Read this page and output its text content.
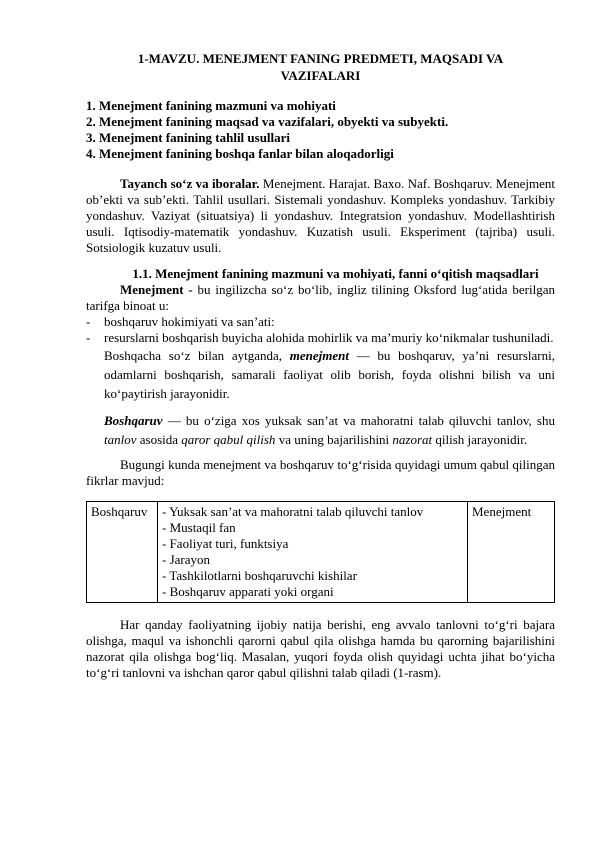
1-MAVZU. MENEJMENT FANING PREDMETI, MAQSADI VA VAZIFALARI
1. Menejment fanining mazmuni va mohiyati
2. Menejment fanining maqsad va vazifalari, obyekti va subyekti.
3. Menejment fanining tahlil usullari
4. Menejment fanining boshqa fanlar bilan aloqadorligi

Tayanch so‘z va iboralar. Menejment. Harajat. Baxo. Naf. Boshqaruv. Menejment ob’ekti va sub’ekti. Tahlil usullari. Sistemali yondashuv. Kompleks yondashuv. Tarkibiy yondashuv. Vaziyat (situatsiya) li yondashuv. Integratsion yondashuv. Modellashtirish usuli. Iqtisodiy-matematik yondashuv. Kuzatish usuli. Eksperiment (tajriba) usuli. Sotsiologik kuzatuv usuli.

1.1. Menejment fanining mazmuni va mohiyati, fanni o‘qitish maqsadlari

Menejment - bu ingilizcha so‘z bo‘lib, ingliz tilining Oksford lug‘atida berilgan tarifga binoat u:

- boshqaruv hokimiyati va san’ati:
- resurslarni boshqarish buyicha alohida mohirlik va ma’muriy ko‘nikmalar tushuniladi.

Boshqacha so‘z bilan aytganda, menejment — bu boshqaruv, ya’ni resurslarni, odamlarni boshqarish, samarali faoliyat olib borish, foyda olishni bilish va uni ko‘paytirish jarayonidir.

Boshqaruv — bu o‘ziga xos yuksak san’at va mahoratni talab qiluvchi tanlov, shu tanlov asosida qaror qabul qilish va uning bajarilishini nazorat qilish jarayonidir.

Bugungi kunda menejment va boshqaruv to‘g‘risida quyidagi umum qabul qilingan fikrlar mavjud:

Boshqaruv	- Yuksak san’at va mahoratni talab qiluvchi tanlov
- Mustaqil fan
- Faoliyat turi, funktsiya
- Jarayon
- Tashkilotlarni boshqaruvchi kishilar
- Boshqaruv apparati yoki organi
	Menejment

Har qanday faoliyatning ijobiy natija berishi, eng avvalo tanlovni to‘g‘ri bajara olishga, maqul va ishonchli qarorni qabul qila olishga hamda bu qarorning bajarilishini nazorat qila olishga bog‘liq. Masalan, yuqori foyda olish quyidagi uchta jihat bo‘yicha to‘g‘ri tanlovni va ishchan qaror qabul qilishni talab qiladi (1-rasm).
